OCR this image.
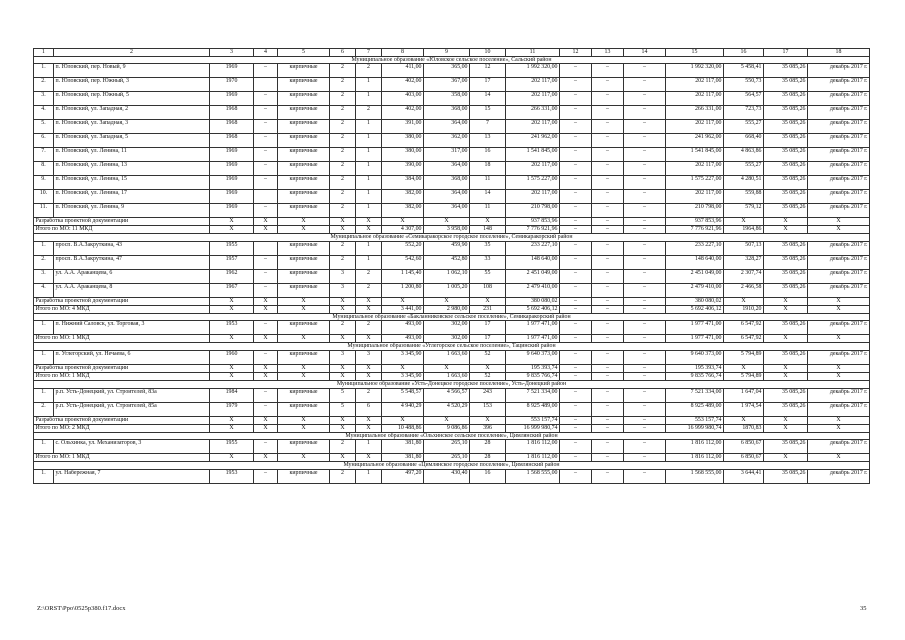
1	2	3	4	5	6	7	8	9	10	11	12	13	14	15	16	17	18
Муниципальное образование «Юловское сельское поселение», Сальский район																	
1.	п. Юловский, пер. Новый, 9	1969	–	кирпичные	2	2	411,00	365,00	12	1 992 320,00	–	–	–	1 992 320,00	5 458,41	35 085,26	декабрь 2017 г.
2.	п. Юловский, пер. Южный, 3	1970		кирпичные	2	1	402,00	367,00	17	202 117,00	–	–	–	202 117,00	550,73	35 085,26	декабрь 2017 г.
3.	п. Юловский, пер. Южный, 5	1969	–	кирпичные	2	1	403,00	358,00	14	202 117,00	–	–	–	202 117,00	564,57	35 085,26	декабрь 2017 г.
4.	п. Юловский, ул. Западная, 2	1968	–	кирпичные	2	2	402,00	368,00	15	266 331,00	–	–	–	266 331,00	723,73	35 085,26	декабрь 2017 г.
5.	п. Юловский, ул. Западная, 3	1968	–	кирпичные	2	1	391,00	364,00	7	202 117,00	–	–	–	202 117,00	555,27	35 085,26	декабрь 2017 г.
6.	п. Юловский, ул. Западная, 5	1968	–	кирпичные	2	1	380,00	362,00	13	241 962,00	–	–	–	241 962,00	668,40	35 085,26	декабрь 2017 г.
7.	п. Юловский, ул. Ленина, 11	1969	–	кирпичные	2	1	380,00	317,00	16	1 541 845,00	–	–	–	1 541 845,00	4 863,86	35 085,26	декабрь 2017 г.
8.	п. Юловский, ул. Ленина, 13	1969	–	кирпичные	2	1	390,00	364,00	18	202 117,00	–	–	–	202 117,00	555,27	35 085,26	декабрь 2017 г.
9.	п. Юловский, ул. Ленина, 15	1969	–	кирпичные	2	1	384,00	368,00	11	1 575 227,00	–	–	–	1 575 227,00	4 280,51	35 085,26	декабрь 2017 г.
10.	п. Юловский, ул. Ленина, 17	1969		кирпичные	2	1	382,00	364,00	14	202 117,00	–	–	–	202 117,00	559,88	35 085,26	декабрь 2017 г.
11.	п. Юловский, ул. Ленина, 9	1969	–	кирпичные	2	1	382,00	364,00	11	210 798,00	–	–	–	210 798,00	579,12	35 085,26	декабрь 2017 г.
Разработка проектной документации		X	X	X	X	X	X	X	X	937 853,96	–	–	–	937 853,96	X	X	X
Итого по МО: 11 МКД		X	X	X	X	X	4 307,00	3 958,00	148	7 776 921,96	–	–	–	7 776 921,96	1964,86	X	X
Муниципальное образование «Семикаракорское городское поселение», Семикаракорский район																	
1.	просп. В.А.Закруткина, 43	1955		кирпичные	2	1	552,20	459,90	35	233 227,10	–	–	–	233 227,10	507,13	35 085,26	декабрь 2017 г.
2.	просп. В.А.Закруткина, 47	1957	–	кирпичные	2	1	542,60	452,80	33	148 640,00	–	–	–	148 640,00	328,27	35 085,26	декабрь 2017 г.
3.	ул. А.А. Араканцева, 6	1962	–	кирпичные	3	2	1 145,40	1 062,10	55	2 451 049,00	–	–	–	2 451 049,00	2 307,74	35 085,26	декабрь 2017 г.
4.	ул. А.А. Араканцева, 8	1967	–	кирпичные	3	2	1 200,80	1 005,20	108	2 479 410,00	–	–	–	2 479 410,00	2 466,58	35 085,26	декабрь 2017 г.
Разработка проектной документации		X	X	X	X	X	X	X	X	380 080,02	–	–	–	380 080,02	X	X	X
Итого по МО: 4 МКД		X	X	X	X	X	3 441,00	2 980,00	231	5 692 406,12	–	–	–	5 692 406,12	1910,20	X	X
Муниципальное образование «Бакланниковское сельское поселение», Семикаракорский район																	
1.	п. Нижний Саловск, ул. Торговая, 3	1953	–	кирпичные	2	2	493,00	302,00	17	1 977 471,00	–	–	–	1 977 471,00	6 547,92	35 085,26	декабрь 2017 г.
Итого по МО: 1 МКД		X	X	X	X	X	493,00	302,00	17	1 977 471,00	–	–	–	1 977 471,00	6 547,92	X	X
Муниципальное образование «Углегорское сельское поселение», Тацинский район																	
1.	п. Углегорский, ул. Нечаева, 6	1960	–	кирпичные	3	3	3 345,90	1 663,60	52	9 640 373,00	–	–	–	9 640 373,00	5 794,89	35 085,26	декабрь 2017 г.
Разработка проектной документации		X	X	X	X	X	X	X	X	195 393,74	–	–	–	195 393,74	X	X	X
Итого по МО: 1 МКД		X	X	X	X	X	3 345,90	1 663,60	52	9 835 766,74	–	–	–	9 835 766,74	5 794,89	X	X
Муниципальное образование «Усть-Донецкое городское поселение», Усть-Донецкий район																	
1.	р.п. Усть-Донецкий, ул. Строителей, 83а	1984	–	кирпичные	5	2	5 548,57	4 566,57	243	7 521 334,00	–	–	–	7 521 334,00	1 647,04	35 085,26	декабрь 2017 г.
2.	р.п. Усть-Донецкий, ул. Строителей, 85а	1979	–	кирпичные	5	6	4 940,29	4 520,29	153	8 925 489,00	–	–	–	8 925 489,00	1 974,54	35 085,26	декабрь 2017 г.
Разработка проектной документации		X	X	X	X	X	X	X	X	553 157,74	–	–	–	553 157,74	X	X	X
Итого по МО: 2 МКД		X	X	X	X	X	10 488,86	9 086,86	396	16 999 980,74	–	–	–	16 999 980,74	1870,83	X	X
Муниципальное образование «Ольхинское сельское поселение», Цимлянский район																	
1.	с. Ольхинка, ул. Механизаторов, 3	1955	–	кирпичные	2	1	381,80	265,10	28	1 816 112,00	–	–	–	1 816 112,00	6 850,67	35 085,26	декабрь 2017 г.
Итого по МО: 1 МКД		X	X	X	X	X	381,80	265,10	28	1 816 112,00	–	–	–	1 816 112,00	6 850,67	X	X
Муниципальное образование «Цимлянское городское поселение», Цимлянский район																	
1.	ул. Набережная, 7	1953	–	кирпичные	2	1	497,20	430,40	16	1 568 555,00	–	–	–	1 568 555,00	3 644,41	35 085,26	декабрь 2017 г.
Z:\ORST\Ppo\0525p380.f17.docx	35
